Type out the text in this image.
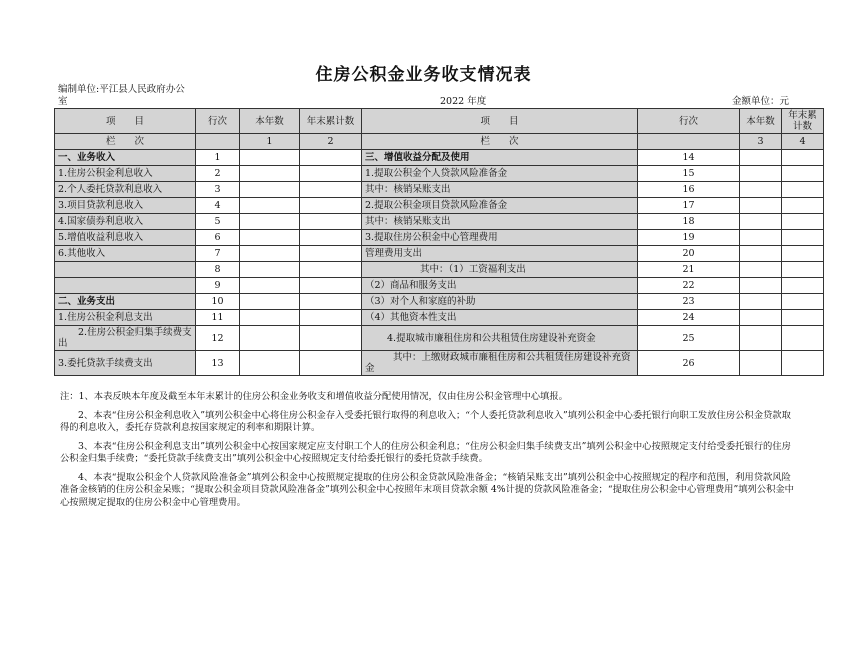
住房公积金业务收支情况表
编制单位:平江县人民政府办公
室	2022 年度	金额单位：元
项　　目	行次	本年数	年末累计数	项　　目	行次	本年数	年末累计数
栏　　次		1	2	栏　　次		3	4
一、业务收入	1			三、增值收益分配及使用	14		
1.住房公积金利息收入	2			1.提取公积金个人贷款风险准备金	15		
2.个人委托贷款利息收入	3			其中：核销呆账支出	16		
3.项目贷款利息收入	4			2.提取公积金项目贷款风险准备金	17		
4.国家债券利息收入	5			其中：核销呆账支出	18		
5.增值收益利息收入	6			3.提取住房公积金中心管理费用	19		
6.其他收入	7			管理费用支出	20		
	8			其中：（1）工资福利支出	21		
	9			（2）商品和服务支出	22		
二、业务支出	10			（3）对个人和家庭的补助	23		
1.住房公积金利息支出	11			（4）其他资本性支出	24		
2.住房公积金归集手续费支出	12			4.提取城市廉租住房和公共租赁住房建设补充资金	25		
3.委托贷款手续费支出	13			其中：上缴财政城市廉租住房和公共租赁住房建设补充资金	26		

注：1、本表反映本年度及截至本年末累计的住房公积金业务收支和增值收益分配使用情况，仅由住房公积金管理中心填报。

2、本表“住房公积金利息收入”填列公积金中心将住房公积金存入受委托银行取得的利息收入；“个人委托贷款利息收入”填列公积金中心委托银行向职工发放住房公积金贷款取得的利息收入，委托存贷款利息按国家规定的利率和期限计算。

3、本表“住房公积金利息支出”填列公积金中心按国家规定应支付职工个人的住房公积金利息；“住房公积金归集手续费支出”填列公积金中心按照规定支付给受委托银行的住房公积金归集手续费；“委托贷款手续费支出”填列公积金中心按照规定支付给委托银行的委托贷款手续费。

4、本表“提取公积金个人贷款风险准备金”填列公积金中心按照规定提取的住房公积金贷款风险准备金；“核销呆账支出”填列公积金中心按照规定的程序和范围，利用贷款风险准备金核销的住房公积金呆账；“提取公积金项目贷款风险准备金”填列公积金中心按照年末项目贷款余额 4%计提的贷款风险准备金；“提取住房公积金中心管理费用”填列公积金中心按照规定提取的住房公积金中心管理费用。
